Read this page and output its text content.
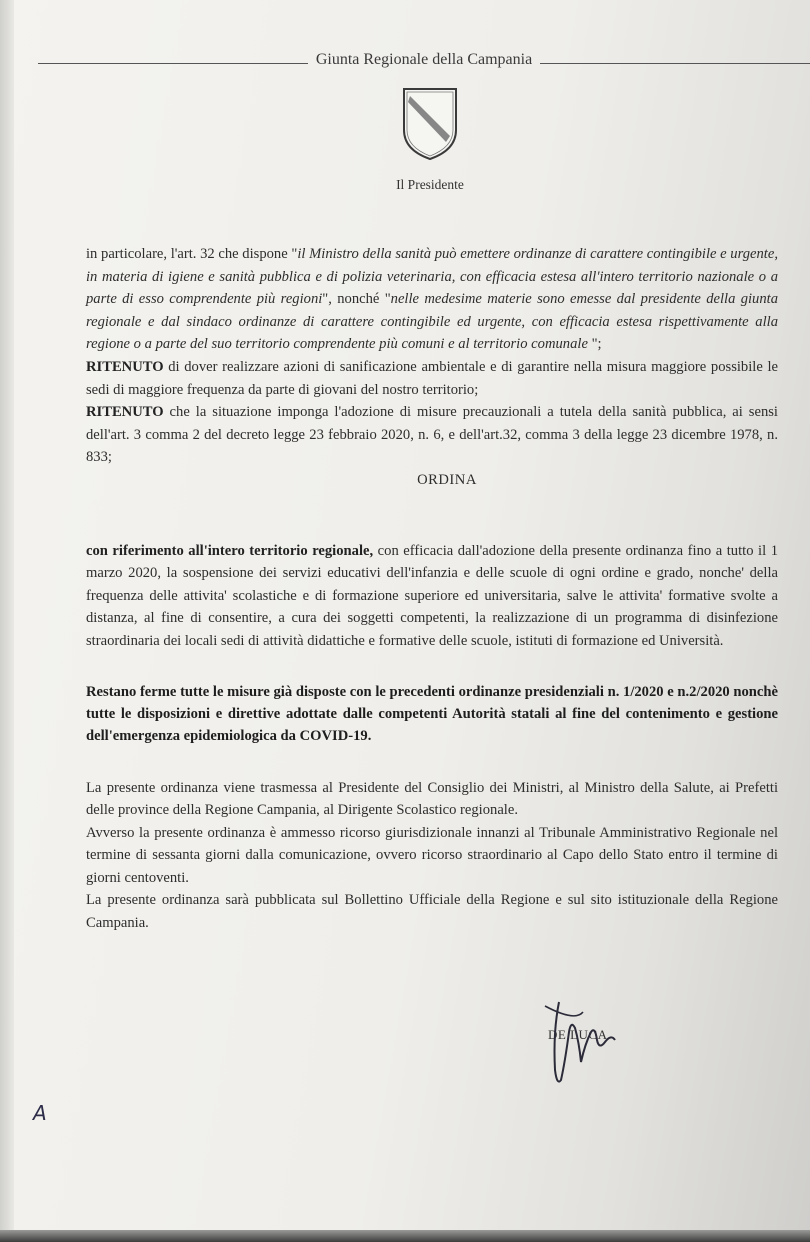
Giunta Regionale della Campania
Il Presidente

in particolare, l'art. 32 che dispone "il Ministro della sanità può emettere ordinanze di carattere contingibile e urgente, in materia di igiene e sanità pubblica e di polizia veterinaria, con efficacia estesa all'intero territorio nazionale o a parte di esso comprendente più regioni", nonché "nelle medesime materie sono emesse dal presidente della giunta regionale e dal sindaco ordinanze di carattere contingibile ed urgente, con efficacia estesa rispettivamente alla regione o a parte del suo territorio comprendente più comuni e al territorio comunale ";

RITENUTO di dover realizzare azioni di sanificazione ambientale e di garantire nella misura maggiore possibile le sedi di maggiore frequenza da parte di giovani del nostro territorio;

RITENUTO che la situazione imponga l'adozione di misure precauzionali a tutela della sanità pubblica, ai sensi dell'art. 3 comma 2 del decreto legge 23 febbraio 2020, n. 6, e dell'art.32, comma 3 della legge 23 dicembre 1978, n. 833;

ORDINA

con riferimento all'intero territorio regionale, con efficacia dall'adozione della presente ordinanza fino a tutto il 1 marzo 2020, la sospensione dei servizi educativi dell'infanzia e delle scuole di ogni ordine e grado, nonche' della frequenza delle attivita' scolastiche e di formazione superiore ed universitaria, salve le attivita' formative svolte a distanza, al fine di consentire, a cura dei soggetti competenti, la realizzazione di un programma di disinfezione straordinaria dei locali sedi di attività didattiche e formative delle scuole, istituti di formazione ed Università.

Restano ferme tutte le misure già disposte con le precedenti ordinanze presidenziali n. 1/2020 e n.2/2020 nonchè tutte le disposizioni e direttive adottate dalle competenti Autorità statali al fine del contenimento e gestione dell'emergenza epidemiologica da COVID-19.

La presente ordinanza viene trasmessa al Presidente del Consiglio dei Ministri, al Ministro della Salute, ai Prefetti delle province della Regione Campania, al Dirigente Scolastico regionale.

Avverso la presente ordinanza è ammesso ricorso giurisdizionale innanzi al Tribunale Amministrativo Regionale nel termine di sessanta giorni dalla comunicazione, ovvero ricorso straordinario al Capo dello Stato entro il termine di giorni centoventi.

La presente ordinanza sarà pubblicata sul Bollettino Ufficiale della Regione e sul sito istituzionale della Regione Campania.

DE LUCA
A
